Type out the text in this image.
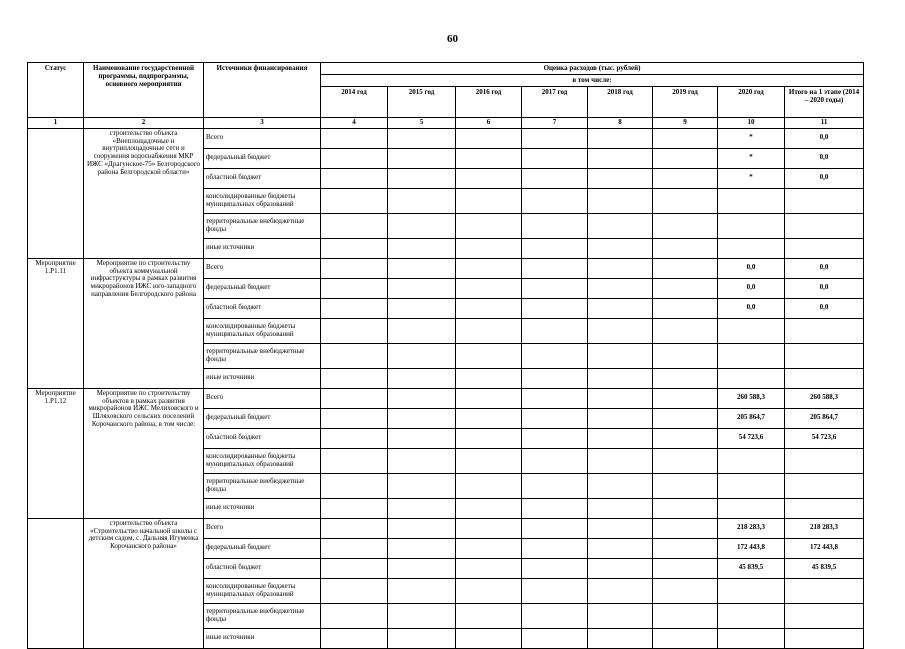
60
Статус	Наименование государственной программы, подпрограммы, основного мероприятия	Источники финансирования	Оценка расходов (тыс. рублей)							
			в том числе:							
			2014 год	2015 год	2016 год	2017 год	2018 год	2019 год	2020 год	Итого на 1 этапе (2014 – 2020 годы)
1	2	3	4	5	6	7	8	9	10	11
	строительство объекта «Внеплощадочные и внутриплощадочные сети и сооружения водоснабжения МКР ИЖС «Драгунское-75» Белгородского района Белгородской области»	Всего							*	0,0
		федеральный бюджет							*	0,0
		областной бюджет							*	0,0
		консолидированные бюджеты муниципальных образований								
		территориальные внебюджетные фонды								
		иные источники								
Мероприятие 1.Р1.11	Мероприятие по строительству объекта коммунальной инфраструктуры в рамках развития микрорайонов ИЖС юго-западного направления Белгородского района	Всего							0,0	0,0
		федеральный бюджет							0,0	0,0
		областной бюджет							0,0	0,0
		консолидированные бюджеты муниципальных образований								
		территориальные внебюджетные фонды								
		иные источники								
Мероприятие 1.Р1.12	Мероприятие по строительству объектов в рамках развития микрорайонов ИЖС Мелиховского и Шляховского сельских поселений Корочанского района, в том числе:	Всего							260 588,3	260 588,3
		федеральный бюджет							205 864,7	205 864,7
		областной бюджет							54 723,6	54 723,6
		консолидированные бюджеты муниципальных образований								
		территориальные внебюджетные фонды								
		иные источники								
	строительство объекта «Строительство начальной школы с детским садом, с. Дальняя Игуменка Корочанского района»	Всего							218 283,3	218 283,3
		федеральный бюджет							172 443,8	172 443,8
		областной бюджет							45 839,5	45 839,5
		консолидированные бюджеты муниципальных образований								
		территориальные внебюджетные фонды								
		иные источники								
